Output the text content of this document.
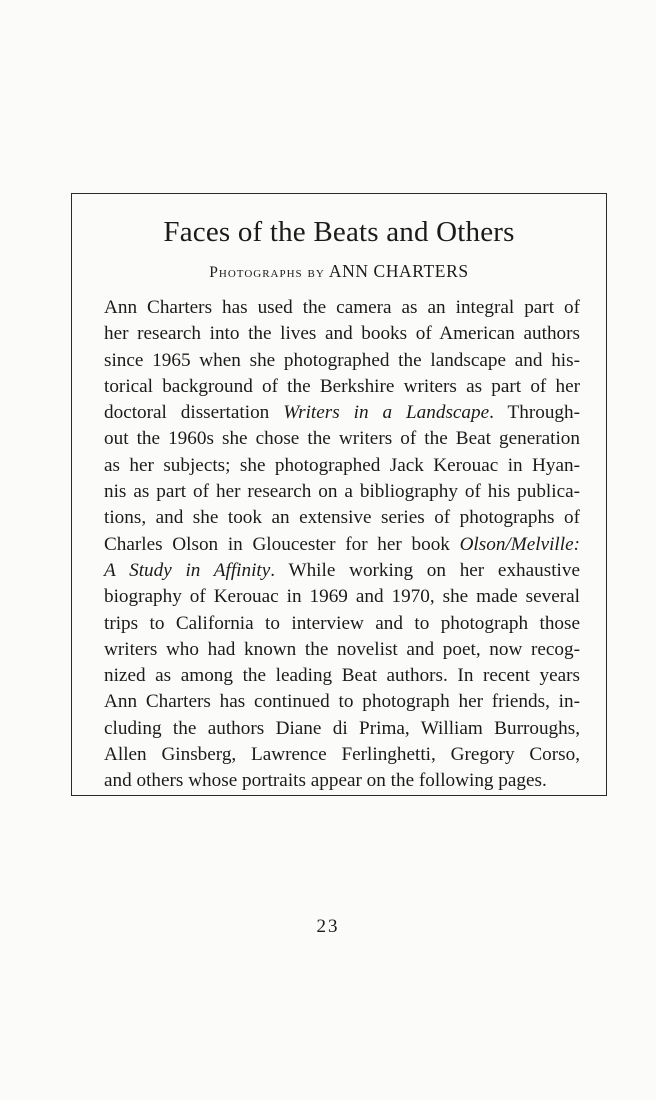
Faces of the Beats and Others
Photographs by ANN CHARTERS
Ann Charters has used the camera as an integral part of
her research into the lives and books of American authors
since 1965 when she photographed the landscape and his-
torical background of the Berkshire writers as part of her
doctoral dissertation Writers in a Landscape. Through-
out the 1960s she chose the writers of the Beat generation
as her subjects; she photographed Jack Kerouac in Hyan-
nis as part of her research on a bibliography of his publica-
tions, and she took an extensive series of photographs of
Charles Olson in Gloucester for her book Olson/Melville:
A Study in Affinity. While working on her exhaustive
biography of Kerouac in 1969 and 1970, she made several
trips to California to interview and to photograph those
writers who had known the novelist and poet, now recog-
nized as among the leading Beat authors. In recent years
Ann Charters has continued to photograph her friends, in-
cluding the authors Diane di Prima, William Burroughs,
Allen Ginsberg, Lawrence Ferlinghetti, Gregory Corso,
and others whose portraits appear on the following pages.
23
